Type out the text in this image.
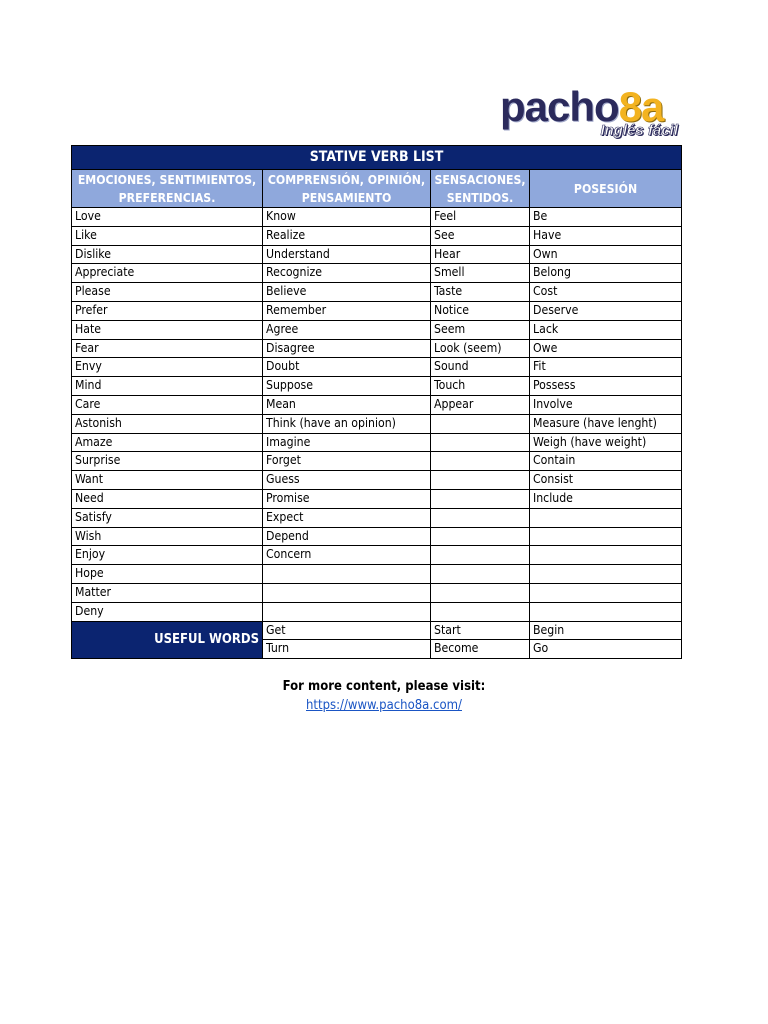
pacho8a
Inglés fácil
STATIVE VERB LIST			
EMOCIONES, SENTIMIENTOS, PREFERENCIAS.	COMPRENSIÓN, OPINIÓN, PENSAMIENTO	SENSACIONES, SENTIDOS.	POSESIÓN
Love	Know	Feel	Be
Like	Realize	See	Have
Dislike	Understand	Hear	Own
Appreciate	Recognize	Smell	Belong
Please	Believe	Taste	Cost
Prefer	Remember	Notice	Deserve
Hate	Agree	Seem	Lack
Fear	Disagree	Look (seem)	Owe
Envy	Doubt	Sound	Fit
Mind	Suppose	Touch	Possess
Care	Mean	Appear	Involve
Astonish	Think (have an opinion)		Measure (have lenght)
Amaze	Imagine		Weigh (have weight)
Surprise	Forget		Contain
Want	Guess		Consist
Need	Promise		Include
Satisfy	Expect		
Wish	Depend		
Enjoy	Concern		
Hope			
Matter			
Deny			
USEFUL WORDS	Get	Start	Begin
	Turn	Become	Go
For more content, please visit:
https://www.pacho8a.com/
